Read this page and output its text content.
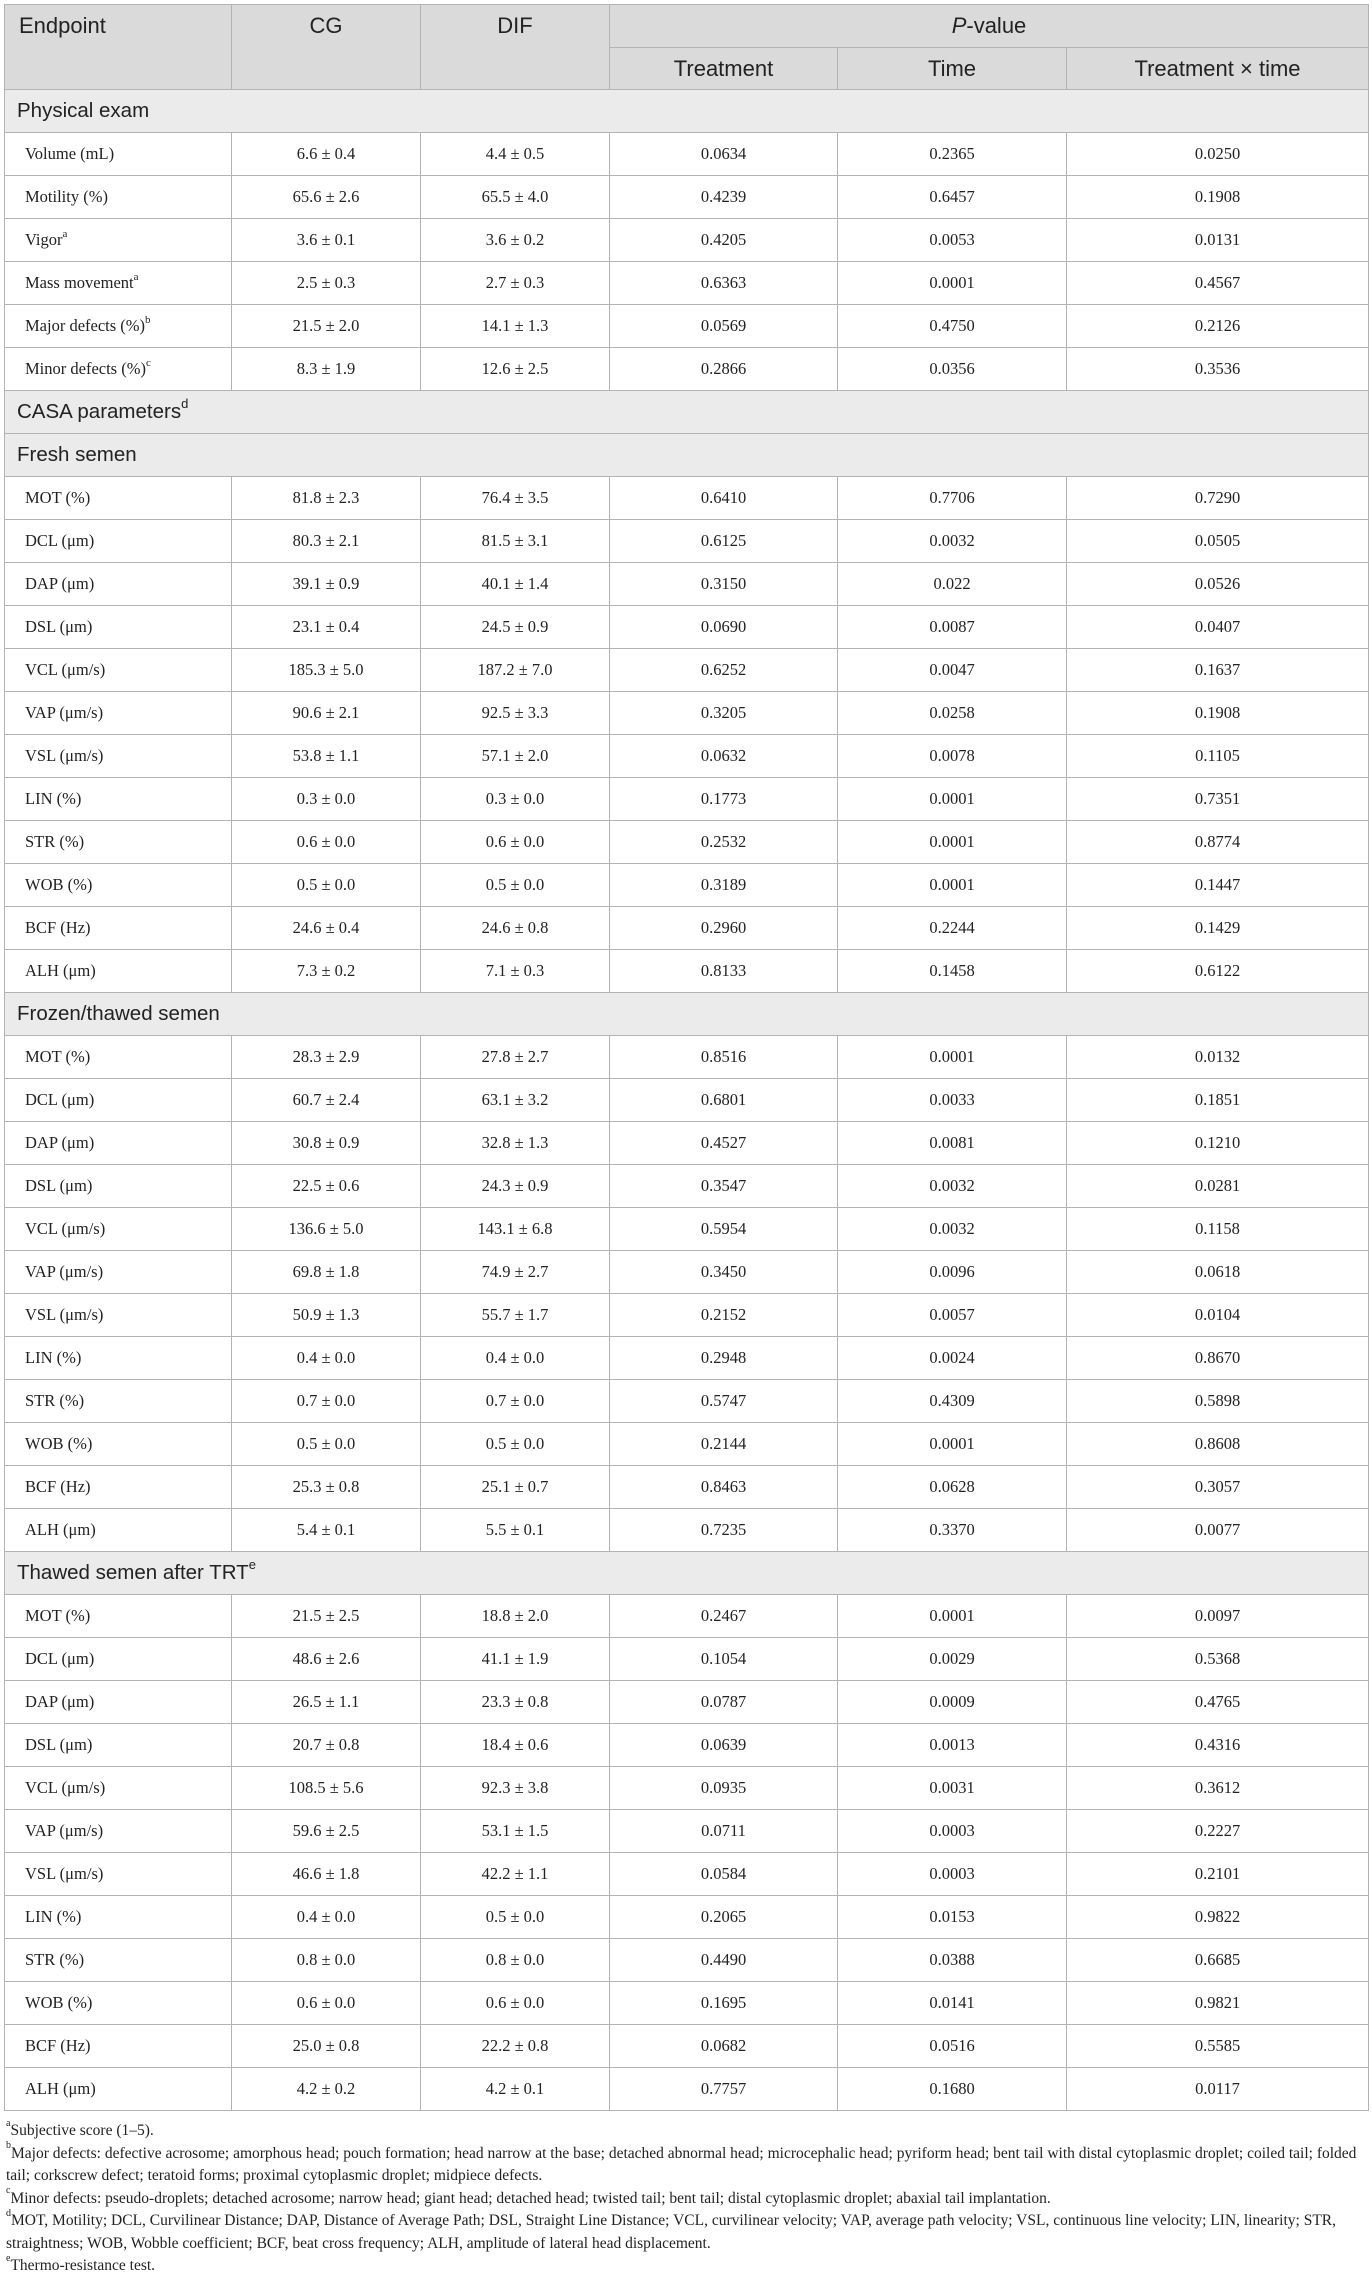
Endpoint	CG	DIF	P-value		
			Treatment	Time	Treatment × time
Physical exam					
Volume (mL)	6.6 ± 0.4	4.4 ± 0.5	0.0634	0.2365	0.0250
Motility (%)	65.6 ± 2.6	65.5 ± 4.0	0.4239	0.6457	0.1908
Vigor$^a$	3.6 ± 0.1	3.6 ± 0.2	0.4205	0.0053	0.0131
Mass movement$^a$	2.5 ± 0.3	2.7 ± 0.3	0.6363	0.0001	0.4567
Major defects (%)$^b$	21.5 ± 2.0	14.1 ± 1.3	0.0569	0.4750	0.2126
Minor defects (%)$^c$	8.3 ± 1.9	12.6 ± 2.5	0.2866	0.0356	0.3536
CASA parameters$^d$
Fresh semen					
MOT (%)	81.8 ± 2.3	76.4 ± 3.5	0.6410	0.7706	0.7290
DCL (μm)	80.3 ± 2.1	81.5 ± 3.1	0.6125	0.0032	0.0505
DAP (μm)	39.1 ± 0.9	40.1 ± 1.4	0.3150	0.022	0.0526
DSL (μm)	23.1 ± 0.4	24.5 ± 0.9	0.0690	0.0087	0.0407
VCL (μm/s)	185.3 ± 5.0	187.2 ± 7.0	0.6252	0.0047	0.1637
VAP (μm/s)	90.6 ± 2.1	92.5 ± 3.3	0.3205	0.0258	0.1908
VSL (μm/s)	53.8 ± 1.1	57.1 ± 2.0	0.0632	0.0078	0.1105
LIN (%)	0.3 ± 0.0	0.3 ± 0.0	0.1773	0.0001	0.7351
STR (%)	0.6 ± 0.0	0.6 ± 0.0	0.2532	0.0001	0.8774
WOB (%)	0.5 ± 0.0	0.5 ± 0.0	0.3189	0.0001	0.1447
BCF (Hz)	24.6 ± 0.4	24.6 ± 0.8	0.2960	0.2244	0.1429
ALH (μm)	7.3 ± 0.2	7.1 ± 0.3	0.8133	0.1458	0.6122
Frozen/thawed semen					
MOT (%)	28.3 ± 2.9	27.8 ± 2.7	0.8516	0.0001	0.0132
DCL (μm)	60.7 ± 2.4	63.1 ± 3.2	0.6801	0.0033	0.1851
DAP (μm)	30.8 ± 0.9	32.8 ± 1.3	0.4527	0.0081	0.1210
DSL (μm)	22.5 ± 0.6	24.3 ± 0.9	0.3547	0.0032	0.0281
VCL (μm/s)	136.6 ± 5.0	143.1 ± 6.8	0.5954	0.0032	0.1158
VAP (μm/s)	69.8 ± 1.8	74.9 ± 2.7	0.3450	0.0096	0.0618
VSL (μm/s)	50.9 ± 1.3	55.7 ± 1.7	0.2152	0.0057	0.0104
LIN (%)	0.4 ± 0.0	0.4 ± 0.0	0.2948	0.0024	0.8670
STR (%)	0.7 ± 0.0	0.7 ± 0.0	0.5747	0.4309	0.5898
WOB (%)	0.5 ± 0.0	0.5 ± 0.0	0.2144	0.0001	0.8608
BCF (Hz)	25.3 ± 0.8	25.1 ± 0.7	0.8463	0.0628	0.3057
ALH (μm)	5.4 ± 0.1	5.5 ± 0.1	0.7235	0.3370	0.0077
Thawed semen after TRT$^e$
MOT (%)	21.5 ± 2.5	18.8 ± 2.0	0.2467	0.0001	0.0097
DCL (μm)	48.6 ± 2.6	41.1 ± 1.9	0.1054	0.0029	0.5368
DAP (μm)	26.5 ± 1.1	23.3 ± 0.8	0.0787	0.0009	0.4765
DSL (μm)	20.7 ± 0.8	18.4 ± 0.6	0.0639	0.0013	0.4316
VCL (μm/s)	108.5 ± 5.6	92.3 ± 3.8	0.0935	0.0031	0.3612
VAP (μm/s)	59.6 ± 2.5	53.1 ± 1.5	0.0711	0.0003	0.2227
VSL (μm/s)	46.6 ± 1.8	42.2 ± 1.1	0.0584	0.0003	0.2101
LIN (%)	0.4 ± 0.0	0.5 ± 0.0	0.2065	0.0153	0.9822
STR (%)	0.8 ± 0.0	0.8 ± 0.0	0.4490	0.0388	0.6685
WOB (%)	0.6 ± 0.0	0.6 ± 0.0	0.1695	0.0141	0.9821
BCF (Hz)	25.0 ± 0.8	22.2 ± 0.8	0.0682	0.0516	0.5585
ALH (μm)	4.2 ± 0.2	4.2 ± 0.1	0.7757	0.1680	0.0117

$^a$Subjective score (1–5).

$^b$Major defects: defective acrosome; amorphous head; pouch formation; head narrow at the base; detached abnormal head; microcephalic head; pyriform head; bent tail with distal cytoplasmic droplet; coiled tail; folded tail; corkscrew defect; teratoid forms; proximal cytoplasmic droplet; midpiece defects.

$^c$Minor defects: pseudo-droplets; detached acrosome; narrow head; giant head; detached head; twisted tail; bent tail; distal cytoplasmic droplet; abaxial tail implantation.

$^d$MOT, Motility; DCL, Curvilinear Distance; DAP, Distance of Average Path; DSL, Straight Line Distance; VCL, curvilinear velocity; VAP, average path velocity; VSL, continuous line velocity; LIN, linearity; STR, straightness; WOB, Wobble coefficient; BCF, beat cross frequency; ALH, amplitude of lateral head displacement.

$^e$Thermo-resistance test.
